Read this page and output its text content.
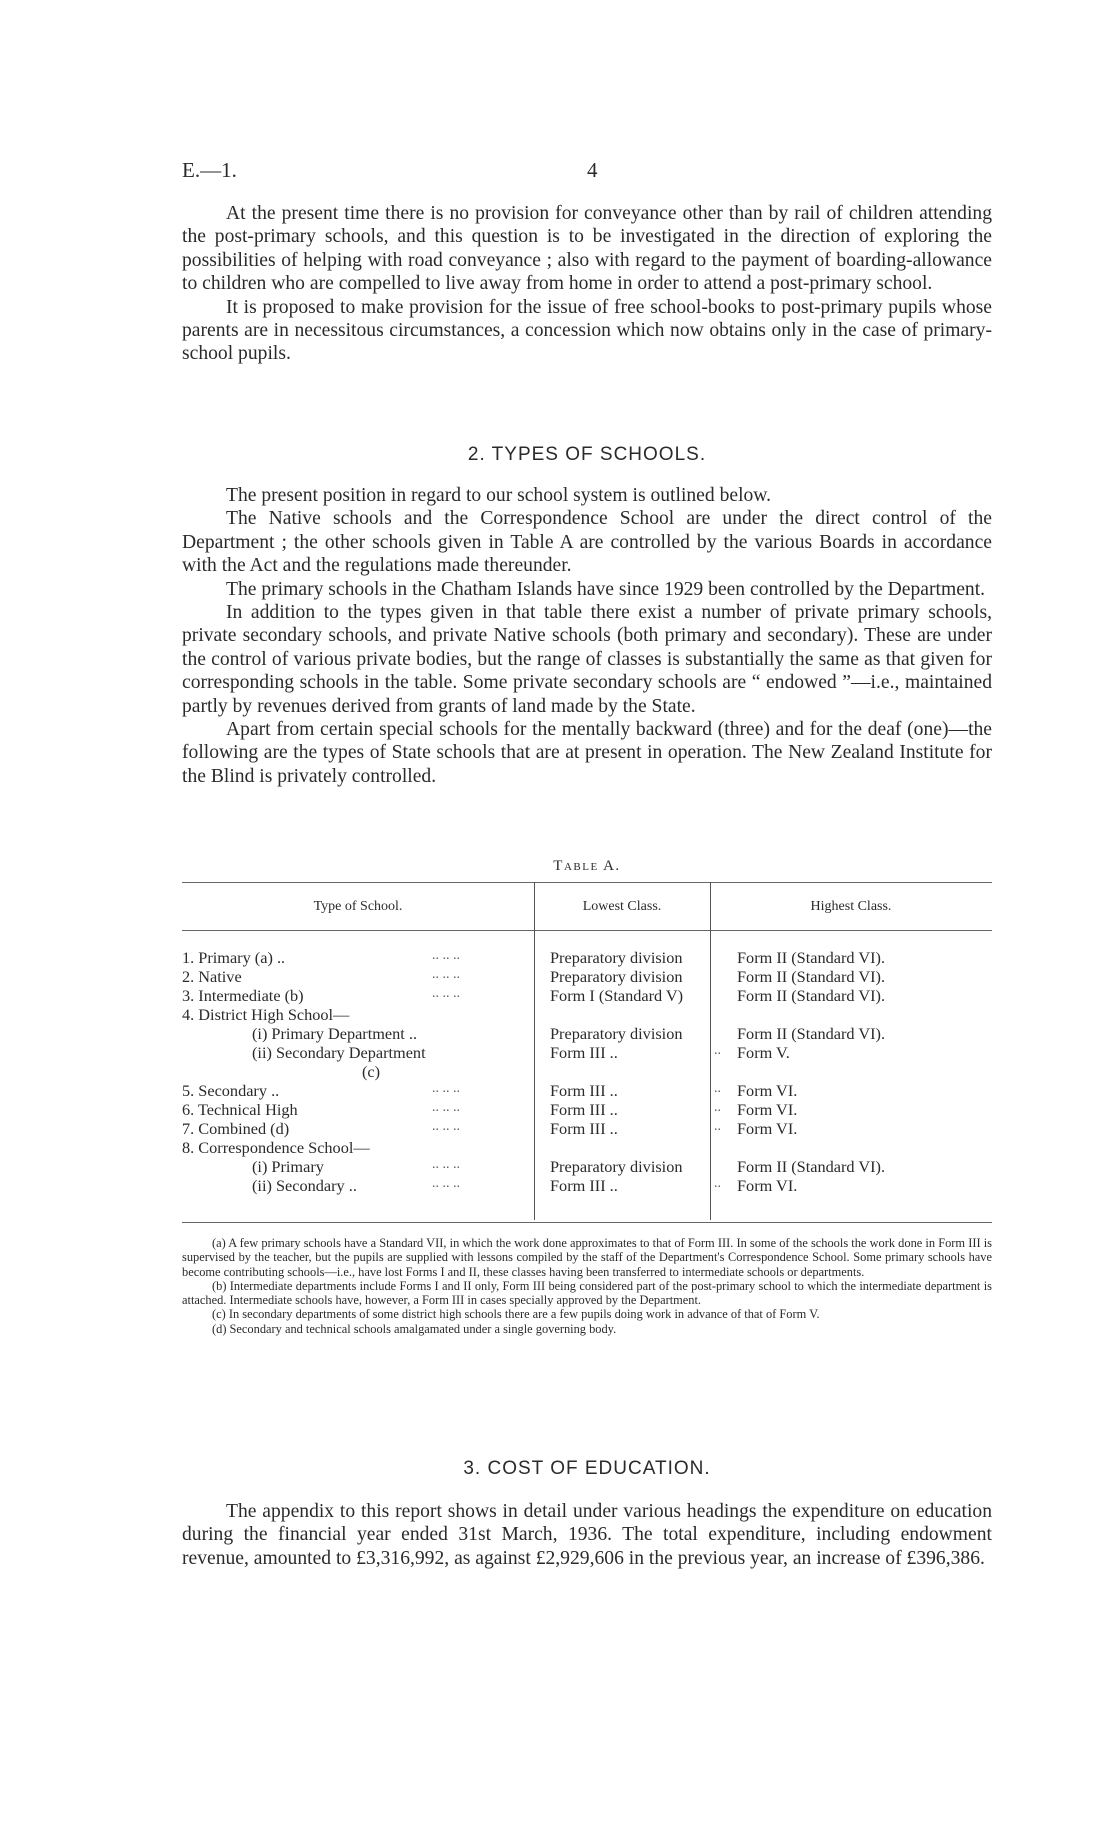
E.—1.	4

At the present time there is no provision for conveyance other than by rail of children attending the post-primary schools, and this question is to be investigated in the direction of exploring the possibilities of helping with road conveyance ; also with regard to the payment of boarding-allowance to children who are compelled to live away from home in order to attend a post-primary school.

It is proposed to make provision for the issue of free school-books to post-primary pupils whose parents are in necessitous circumstances, a concession which now obtains only in the case of primary-school pupils.

2. TYPES OF SCHOOLS.

The present position in regard to our school system is outlined below.

The Native schools and the Correspondence School are under the direct control of the Department ; the other schools given in Table A are controlled by the various Boards in accordance with the Act and the regulations made thereunder.

The primary schools in the Chatham Islands have since 1929 been controlled by the Department.

In addition to the types given in that table there exist a number of private primary schools, private secondary schools, and private Native schools (both primary and secondary). These are under the control of various private bodies, but the range of classes is substantially the same as that given for corresponding schools in the table. Some private secondary schools are “ endowed ”—i.e., maintained partly by revenues derived from grants of land made by the State.

Apart from certain special schools for the mentally backward (three) and for the deaf (one)—the following are the types of State schools that are at present in operation. The New Zealand Institute for the Blind is privately controlled.

Table A.
Type of School.	Lowest Class.	Highest Class.
.. .. ..
1. Primary (a) ..	Preparatory division	Form II (Standard VI).
.. .. ..
2. Native	Preparatory division	Form II (Standard VI).
.. .. ..
3. Intermediate (b)	Form I (Standard V)	Form II (Standard VI).
4. District High School—
(i) Primary Department ..	Preparatory division	Form II (Standard VI).
(ii) Secondary Department	Form III ..	.. Form V.
(c)
.. .. ..
5. Secondary ..	Form III ..	.. Form VI.
.. .. ..
6. Technical High	Form III ..	.. Form VI.
.. .. ..
7. Combined (d)	Form III ..	.. Form VI.
8. Correspondence School—
.. .. ..
(i) Primary	Preparatory division	Form II (Standard VI).
.. .. ..
(ii) Secondary ..	Form III ..	.. Form VI.
(a) A few primary schools have a Standard VII, in which the work done approximates to that of Form III. In some of the schools the work done in Form III is supervised by the teacher, but the pupils are supplied with lessons compiled by the staff of the Department's Correspondence School. Some primary schools have become contributing schools—i.e., have lost Forms I and II, these classes having been transferred to intermediate schools or departments.
(b) Intermediate departments include Forms I and II only, Form III being considered part of the post-primary school to which the intermediate department is attached. Intermediate schools have, however, a Form III in cases specially approved by the Department.
(c) In secondary departments of some district high schools there are a few pupils doing work in advance of that of Form V.
(d) Secondary and technical schools amalgamated under a single governing body.
3. COST OF EDUCATION.

The appendix to this report shows in detail under various headings the expenditure on education during the financial year ended 31st March, 1936. The total expenditure, including endowment revenue, amounted to £3,316,992, as against £2,929,606 in the previous year, an increase of £396,386.
